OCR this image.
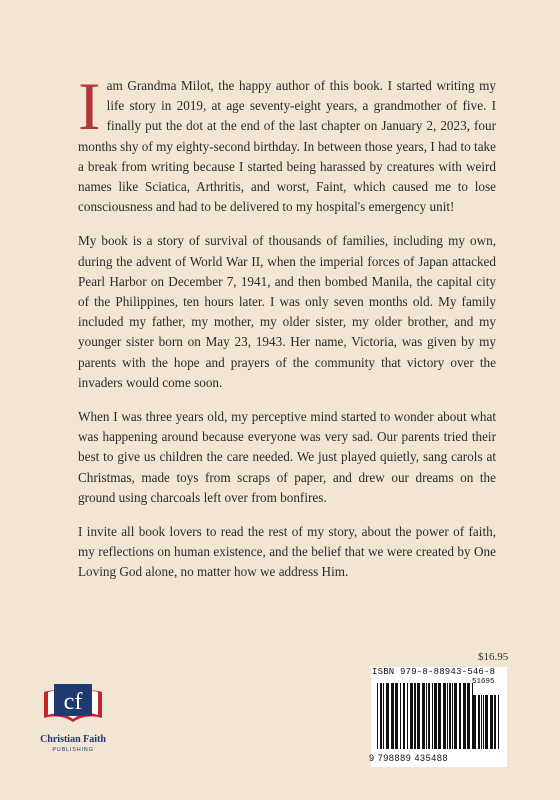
Iam Grandma Milot, the happy author of this book. I started writing my life story in 2019, at age seventy-eight years, a grandmother of five. I finally put the dot at the end of the last chapter on January 2, 2023, four months shy of my eighty-second birthday. In between those years, I had to take a break from writing because I started being harassed by creatures with weird names like Sciatica, Arthritis, and worst, Faint, which caused me to lose consciousness and had to be delivered to my hospital's emergency unit!

My book is a story of survival of thousands of families, including my own, during the advent of World War II, when the imperial forces of Japan attacked Pearl Harbor on December 7, 1941, and then bombed Manila, the capital city of the Philippines, ten hours later. I was only seven months old. My family included my father, my mother, my older sister, my older brother, and my younger sister born on May 23, 1943. Her name, Victoria, was given by my parents with the hope and prayers of the community that victory over the invaders would come soon.

When I was three years old, my perceptive mind started to wonder about what was happening around because everyone was very sad. Our parents tried their best to give us children the care needed. We just played quietly, sang carols at Christmas, made toys from scraps of paper, and drew our dreams on the ground using charcoals left over from bonfires.

I invite all book lovers to read the rest of my story, about the power of faith, my reflections on human existence, and the belief that we were created by One Loving God alone, no matter how we address Him.

cf
Christian Faith
PUBLISHING
$16.95
ISBN 979-8-88943-546-8
51695
9 798889 435488
